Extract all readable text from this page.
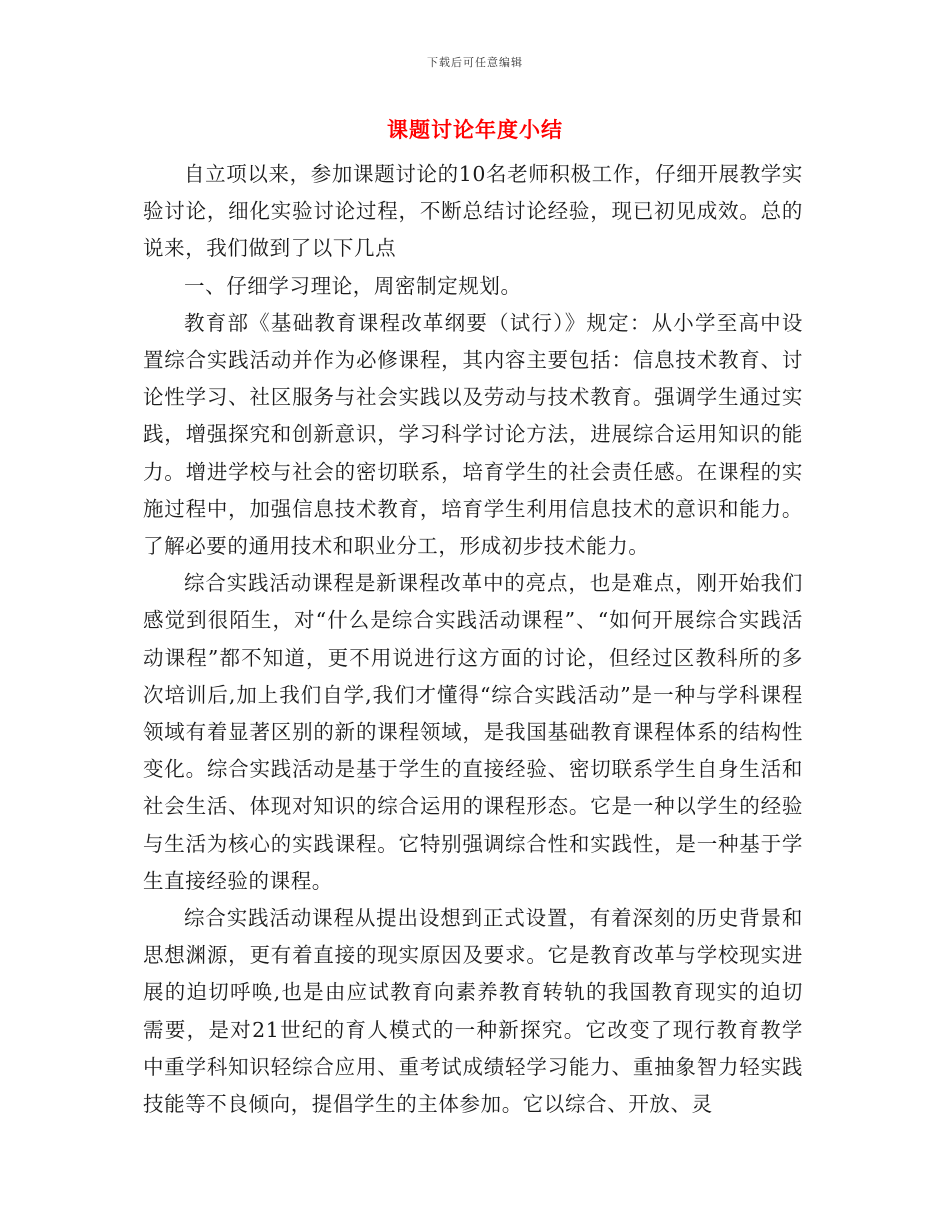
下载后可任意编辑
课题讨论年度小结

自立项以来，参加课题讨论的10名老师积极工作，仔细开展教学实验讨论，细化实验讨论过程，不断总结讨论经验，现已初见成效。总的说来，我们做到了以下几点

一、仔细学习理论，周密制定规划。

教育部《基础教育课程改革纲要（试行）》规定：从小学至高中设置综合实践活动并作为必修课程，其内容主要包括：信息技术教育、讨论性学习、社区服务与社会实践以及劳动与技术教育。强调学生通过实践，增强探究和创新意识，学习科学讨论方法，进展综合运用知识的能力。增进学校与社会的密切联系，培育学生的社会责任感。在课程的实施过程中，加强信息技术教育，培育学生利用信息技术的意识和能力。了解必要的通用技术和职业分工，形成初步技术能力。

综合实践活动课程是新课程改革中的亮点，也是难点，刚开始我们感觉到很陌生，对“什么是综合实践活动课程”、“如何开展综合实践活动课程”都不知道，更不用说进行这方面的讨论，但经过区教科所的多次培训后,加上我们自学,我们才懂得“综合实践活动”是一种与学科课程领域有着显著区别的新的课程领域，是我国基础教育课程体系的结构性变化。综合实践活动是基于学生的直接经验、密切联系学生自身生活和社会生活、体现对知识的综合运用的课程形态。它是一种以学生的经验与生活为核心的实践课程。它特别强调综合性和实践性，是一种基于学生直接经验的课程。

综合实践活动课程从提出设想到正式设置，有着深刻的历史背景和思想渊源，更有着直接的现实原因及要求。它是教育改革与学校现实进展的迫切呼唤,也是由应试教育向素养教育转轨的我国教育现实的迫切需要，是对21世纪的育人模式的一种新探究。它改变了现行教育教学中重学科知识轻综合应用、重考试成绩轻学习能力、重抽象智力轻实践技能等不良倾向，提倡学生的主体参加。它以综合、开放、灵
